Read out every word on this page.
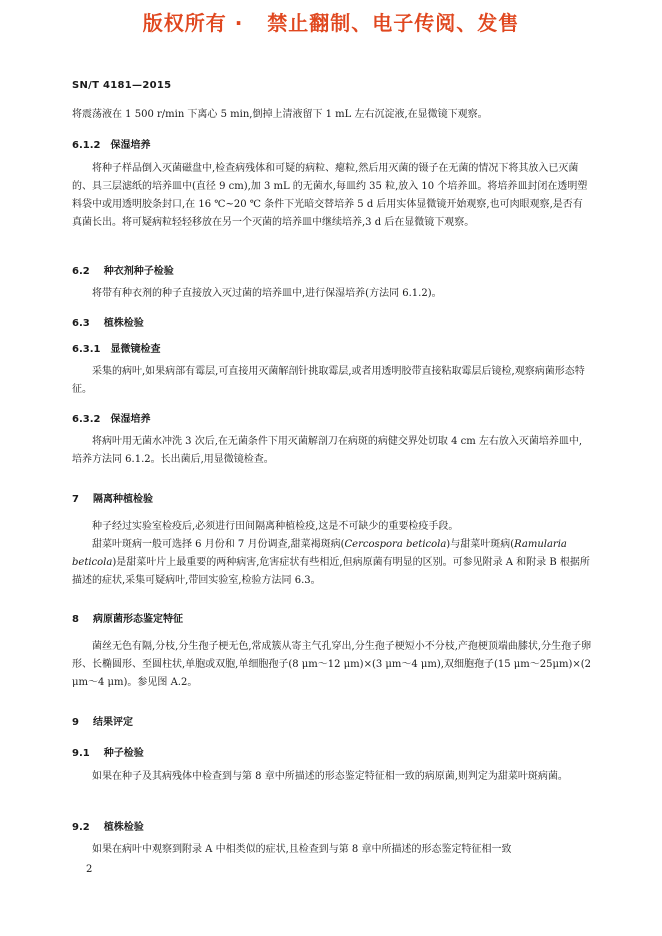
版权所有 ·   禁止翻制、电子传阅、发售
SN/T 4181—2015

将震荡液在 1 500 r/min 下离心 5 min,倒掉上清液留下 1 mL 左右沉淀液,在显微镜下观察。

6.1.2 保湿培养

将种子样品倒入灭菌磁盘中,检查病残体和可疑的病粒、瘪粒,然后用灭菌的镊子在无菌的情况下将其放入已灭菌的、具三层滤纸的培养皿中(直径 9 cm),加 3 mL 的无菌水,每皿约 35 粒,放入 10 个培养皿。将培养皿封闭在透明塑料袋中或用透明胶条封口,在 16 ℃~20 ℃ 条件下光暗交替培养 5 d 后用实体显微镜开始观察,也可肉眼观察,是否有真菌长出。将可疑病粒轻轻移放在另一个灭菌的培养皿中继续培养,3 d 后在显微镜下观察。

6.2 种衣剂种子检验

将带有种衣剂的种子直接放入灭过菌的培养皿中,进行保湿培养(方法同 6.1.2)。

6.3 植株检验
6.3.1 显微镜检查

采集的病叶,如果病部有霉层,可直接用灭菌解剖针挑取霉层,或者用透明胶带直接粘取霉层后镜检,观察病菌形态特征。

6.3.2 保湿培养

将病叶用无菌水冲洗 3 次后,在无菌条件下用灭菌解剖刀在病斑的病健交界处切取 4 cm 左右放入灭菌培养皿中,培养方法同 6.1.2。长出菌后,用显微镜检查。

7 隔离种植检验

种子经过实验室检疫后,必须进行田间隔离种植检疫,这是不可缺少的重要检疫手段。

甜菜叶斑病一般可选择 6 月份和 7 月份调查,甜菜褐斑病(Cercospora beticola)与甜菜叶斑病(Ramularia beticola)是甜菜叶片上最重要的两种病害,危害症状有些相近,但病原菌有明显的区别。可参见附录 A 和附录 B 根据所描述的症状,采集可疑病叶,带回实验室,检验方法同 6.3。

8 病原菌形态鉴定特征

菌丝无色有隔,分枝,分生孢子梗无色,常成簇从寄主气孔穿出,分生孢子梗短小不分枝,产孢梗顶端曲膝状,分生孢子卵形、长椭圆形、至圆柱状,单胞或双胞,单细胞孢子(8 μm～12 μm)×(3 μm～4 μm),双细胞孢子(15 μm～25μm)×(2 μm～4 μm)。参见图 A.2。

9 结果评定
9.1 种子检验

如果在种子及其病残体中检查到与第 8 章中所描述的形态鉴定特征相一致的病原菌,则判定为甜菜叶斑病菌。

9.2 植株检验

如果在病叶中观察到附录 A 中相类似的症状,且检查到与第 8 章中所描述的形态鉴定特征相一致

2
